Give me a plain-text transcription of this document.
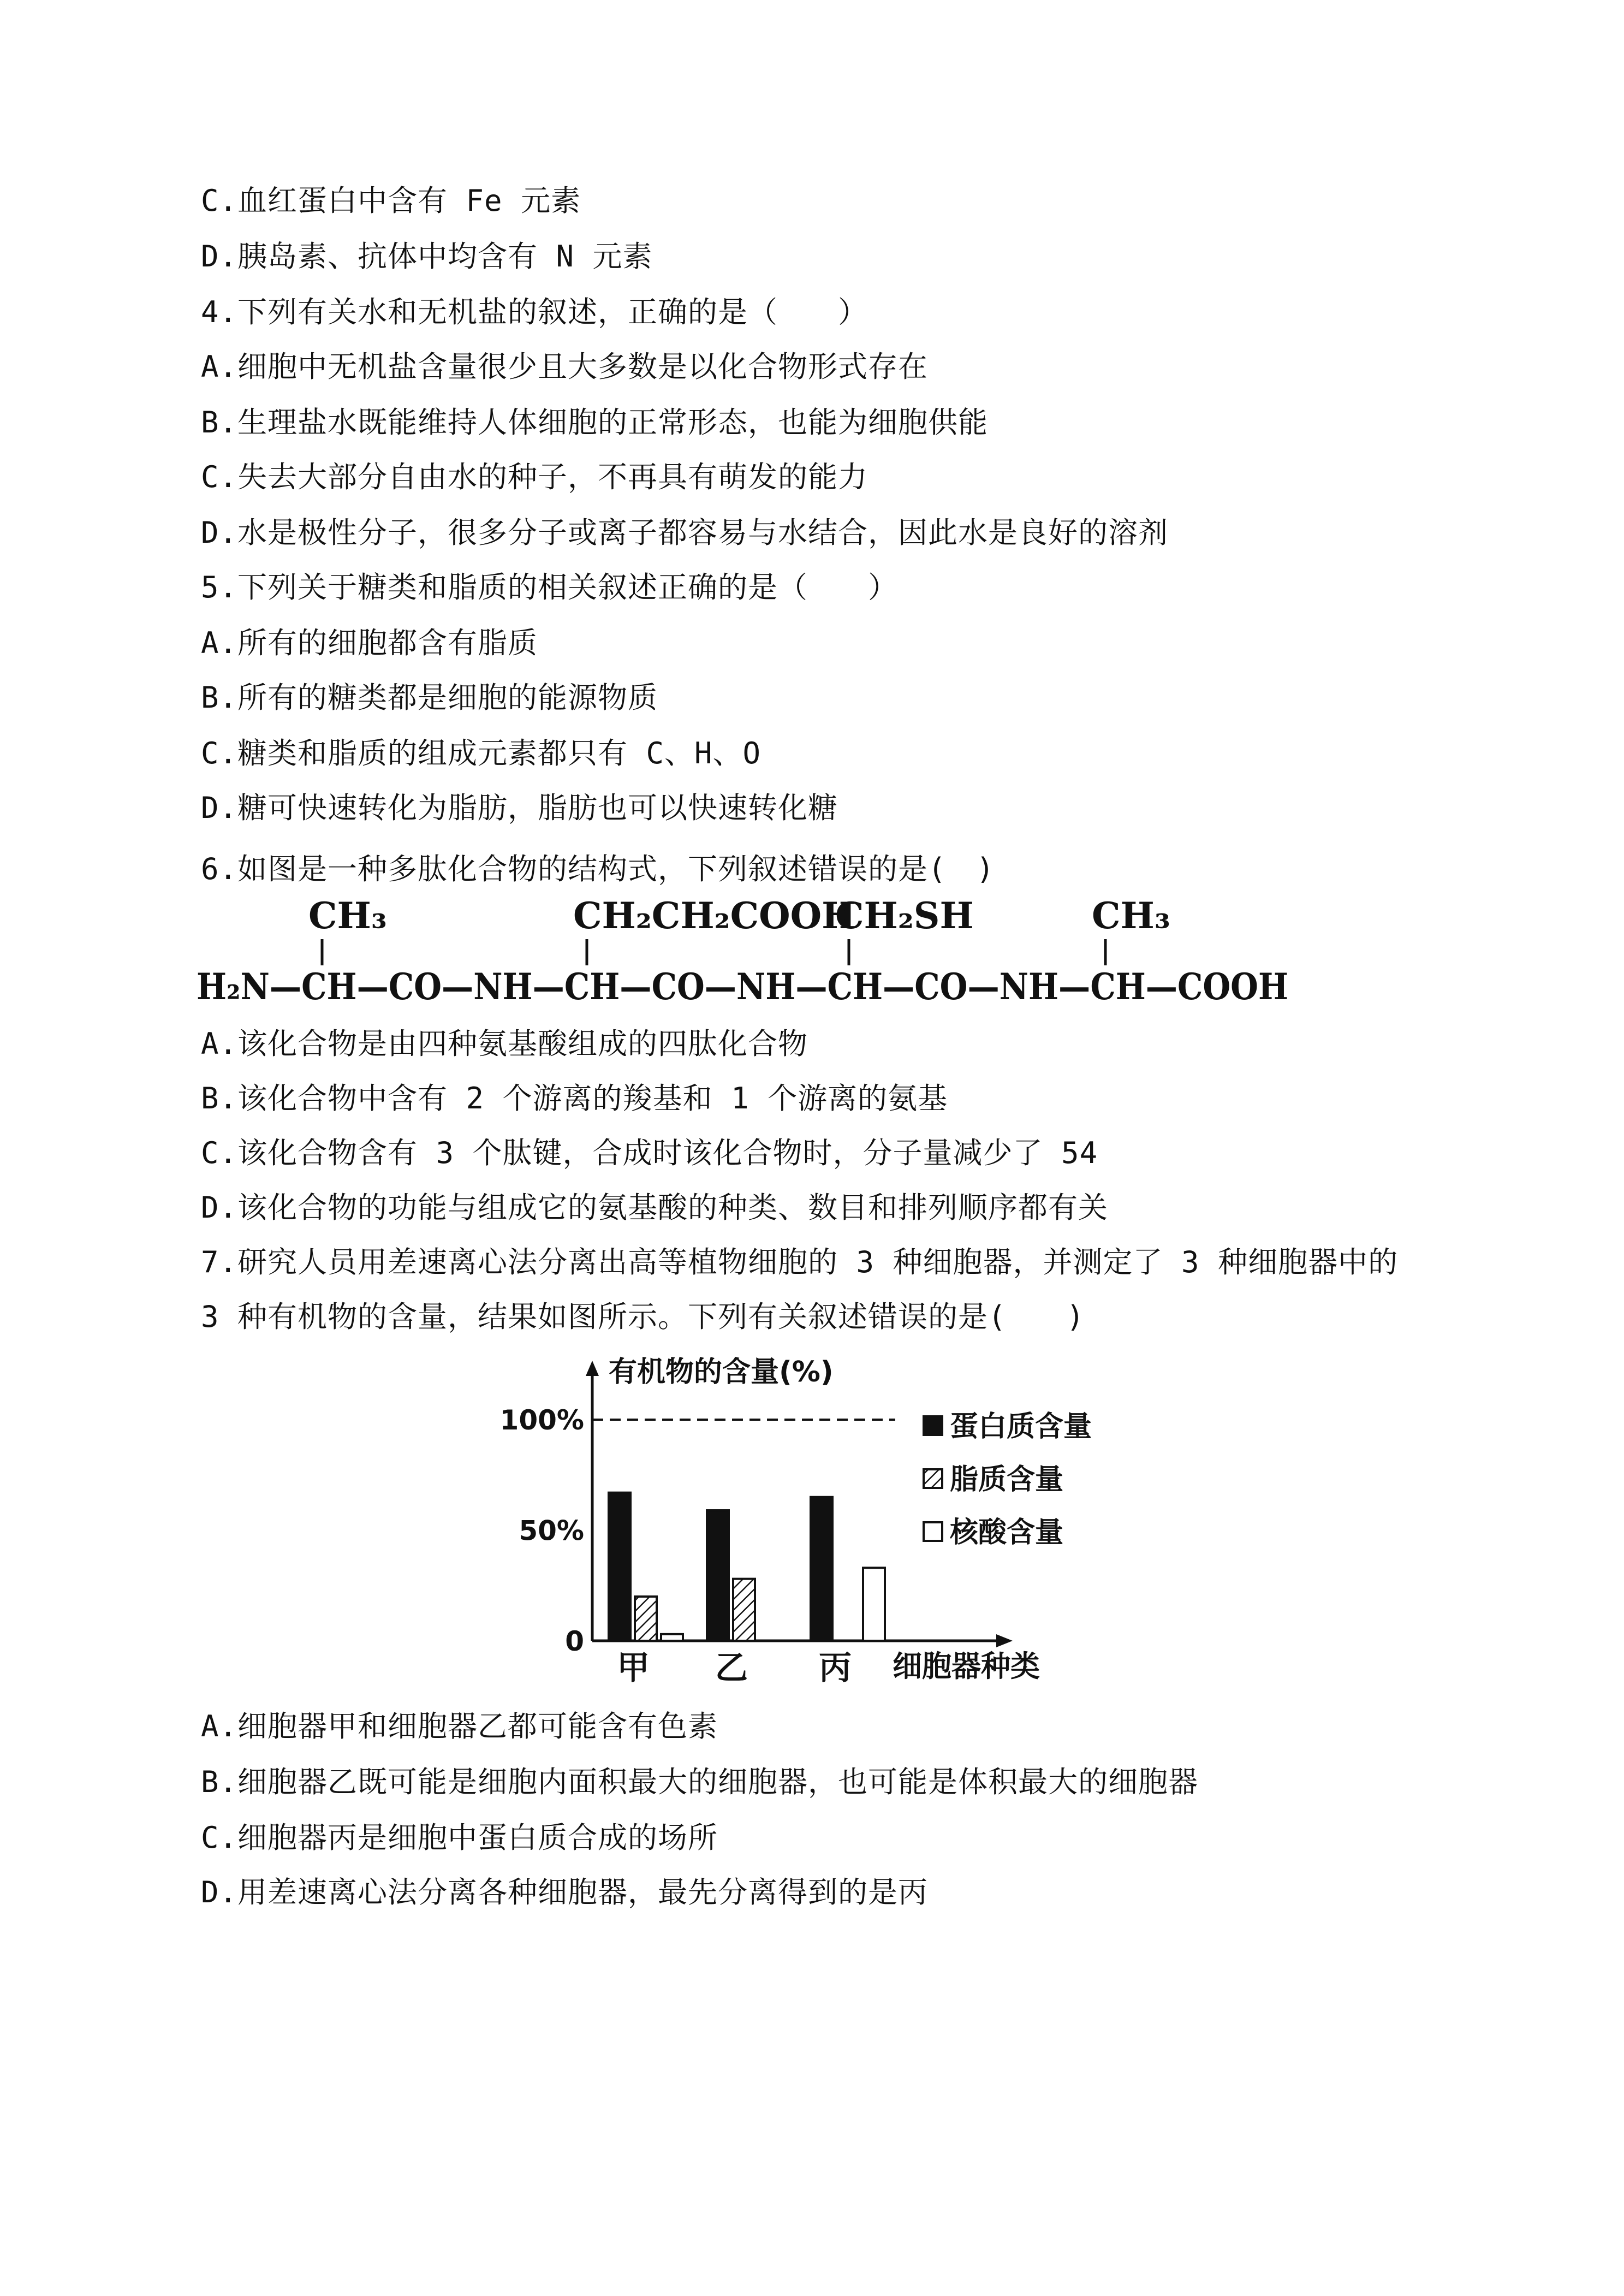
C.血红蛋白中含有 Fe 元素
D.胰岛素、抗体中均含有 N 元素
4.下列有关水和无机盐的叙述，正确的是（　　）
A.细胞中无机盐含量很少且大多数是以化合物形式存在
B.生理盐水既能维持人体细胞的正常形态，也能为细胞供能
C.失去大部分自由水的种子，不再具有萌发的能力
D.水是极性分子，很多分子或离子都容易与水结合，因此水是良好的溶剂
5.下列关于糖类和脂质的相关叙述正确的是（　　）
A.所有的细胞都含有脂质
B.所有的糖类都是细胞的能源物质
C.糖类和脂质的组成元素都只有 C、H、O
D.糖可快速转化为脂肪，脂肪也可以快速转化糖
6.如图是一种多肽化合物的结构式，下列叙述错误的是(　)
CH₃	CH₂CH₂COOH
CH₂SH	CH₃
H₂N—CH—CO—NH—CH—CO—NH—CH—CO—NH—CH—COOH
A.该化合物是由四种氨基酸组成的四肽化合物
B.该化合物中含有 2 个游离的羧基和 1 个游离的氨基
C.该化合物含有 3 个肽键，合成时该化合物时，分子量减少了 54
D.该化合物的功能与组成它的氨基酸的种类、数目和排列顺序都有关
7.研究人员用差速离心法分离出高等植物细胞的 3 种细胞器，并测定了 3 种细胞器中的
3 种有机物的含量，结果如图所示。下列有关叙述错误的是(　　)
0
50%
100%
有机物的含量(%)
细胞器种类
甲 乙 丙
蛋白质含量
脂质含量
核酸含量
A.细胞器甲和细胞器乙都可能含有色素
B.细胞器乙既可能是细胞内面积最大的细胞器，也可能是体积最大的细胞器
C.细胞器丙是细胞中蛋白质合成的场所
D.用差速离心法分离各种细胞器，最先分离得到的是丙
